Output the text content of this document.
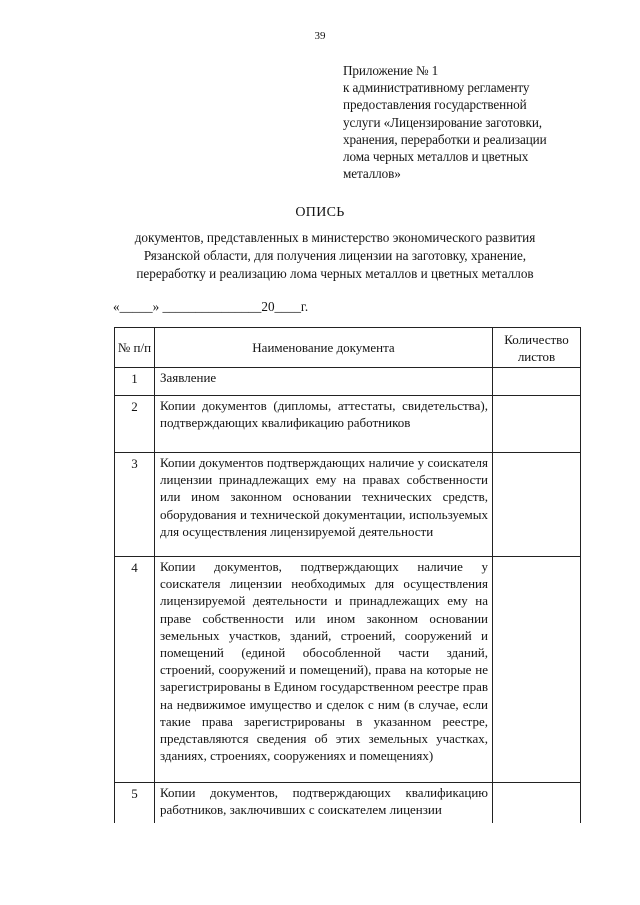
39
Приложение № 1
к административному регламенту
предоставления государственной
услуги «Лицензирование заготовки,
хранения, переработки и реализации
лома черных металлов и цветных
металлов»
ОПИСЬ
документов, представленных в министерство экономического развития
Рязанской области, для получения лицензии на заготовку, хранение,
переработку и реализацию лома черных металлов и цветных металлов
«_____» _______________20____г.
№ п/п	Наименование документа	Количество листов
1	Заявление	
2	Копии документов (дипломы, аттестаты, свидетельства), подтверждающих квалификацию работников	
3	Копии документов подтверждающих наличие у соискателя лицензии принадлежащих ему на правах собственности или ином законном основании технических средств, оборудования и технической документации, используемых для осуществления лицензируемой деятельности	
4	Копии документов, подтверждающих наличие у соискателя лицензии необходимых для осуществления лицензируемой деятельности и принадлежащих ему на праве собственности или ином законном основании земельных участков, зданий, строений, сооружений и помещений (единой обособленной части зданий, строений, сооружений и помещений), права на которые не зарегистрированы в Едином государственном реестре прав на недвижимое имущество и сделок с ним (в случае, если такие права зарегистрированы в указанном реестре, представляются сведения об этих земельных участках, зданиях, строениях, сооружениях и помещениях)	
5	Копии документов, подтверждающих квалификацию работников, заключивших с соискателем лицензии	
